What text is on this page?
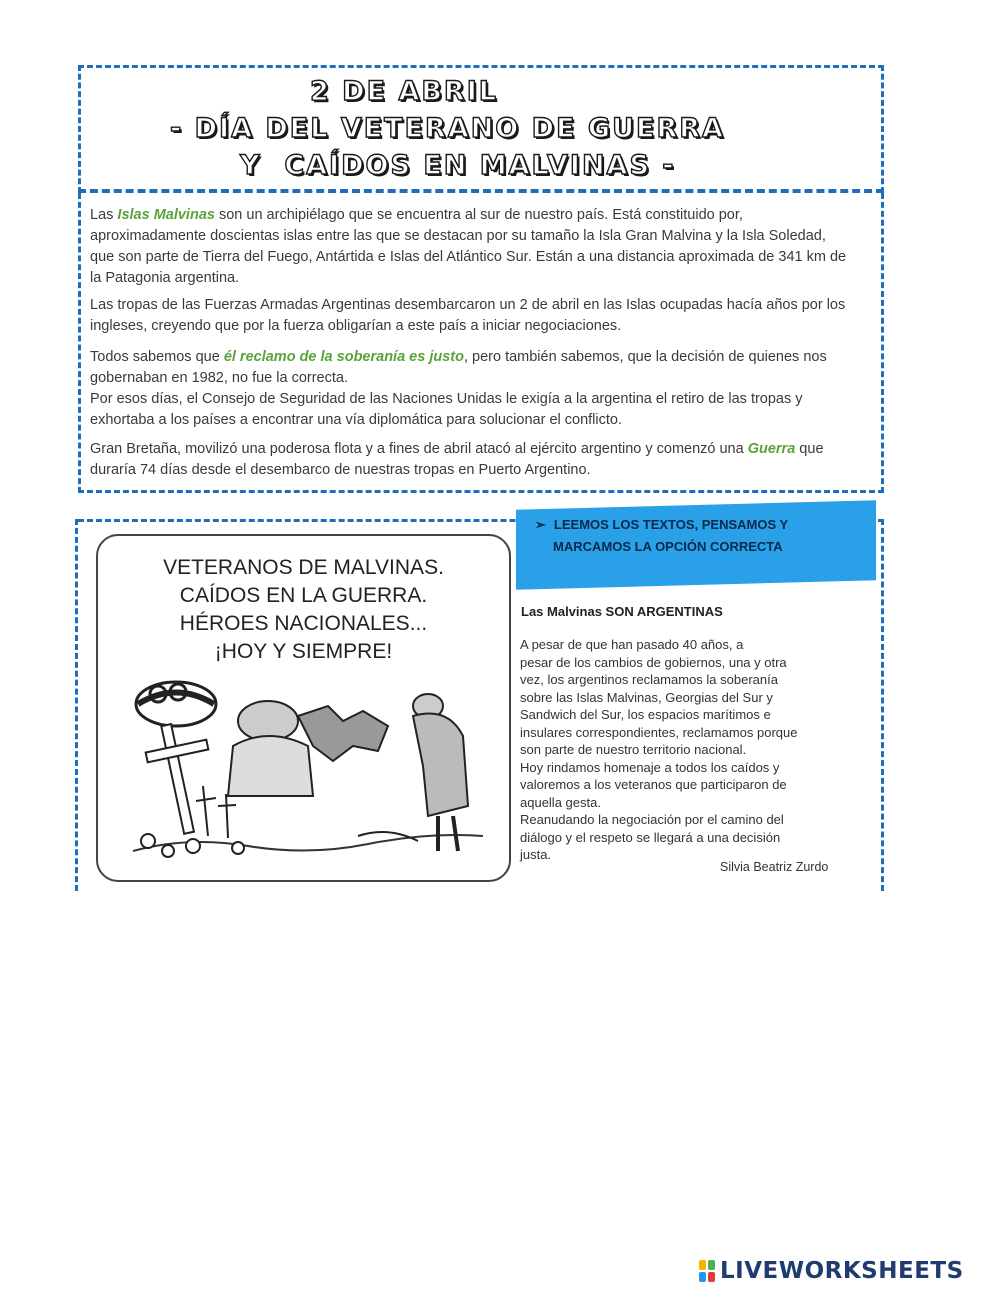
2 DE ABRIL
- DÍA DEL VETERANO DE GUERRA
Y  CAÍDOS EN MALVINAS -
Las Islas Malvinas son un archipiélago que se encuentra al sur de nuestro país. Está constituido por, aproximadamente doscientas islas entre las que se destacan por su tamaño la Isla Gran Malvina y la Isla Soledad, que son parte de Tierra del Fuego, Antártida e Islas del Atlántico Sur. Están a una distancia aproximada de 341 km de la Patagonia argentina.
Las tropas de las Fuerzas Armadas Argentinas desembarcaron un 2 de abril en las Islas ocupadas hacía años por los ingleses, creyendo que por la fuerza obligarían a este país a iniciar negociaciones.
Todos sabemos que él reclamo de la soberanía es justo, pero también sabemos, que la decisión de quienes nos gobernaban en 1982, no fue la correcta.
Por esos días, el Consejo de Seguridad de las Naciones Unidas le exigía a la argentina el retiro de las tropas y exhortaba a los países a encontrar una vía diplomática para solucionar el conflicto.
Gran Bretaña, movilizó una poderosa flota y a fines de abril atacó al ejército argentino y comenzó una Guerra que duraría 74 días desde el desembarco de nuestras tropas en Puerto Argentino.
VETERANOS DE MALVINAS.
CAÍDOS EN LA GUERRA.
HÉROES NACIONALES...
¡HOY Y SIEMPRE!
➢ LEEMOS LOS TEXTOS, PENSAMOS Y
MARCAMOS LA OPCIÓN CORRECTA
Las Malvinas SON ARGENTINAS
A pesar de que han pasado 40 años, a
pesar de los cambios de gobiernos, una y otra
vez, los argentinos reclamamos la soberanía
sobre las Islas Malvinas, Georgias del Sur y
Sandwich del Sur, los espacios marítimos e
insulares correspondientes, reclamamos porque
son parte de nuestro territorio nacional.
Hoy rindamos homenaje a todos los caídos y
valoremos a los veteranos que participaron de
aquella gesta.
Reanudando la negociación por el camino del
diálogo y el respeto se llegará a una decisión
justa.
Silvia Beatriz Zurdo
LIVEWORKSHEETS
